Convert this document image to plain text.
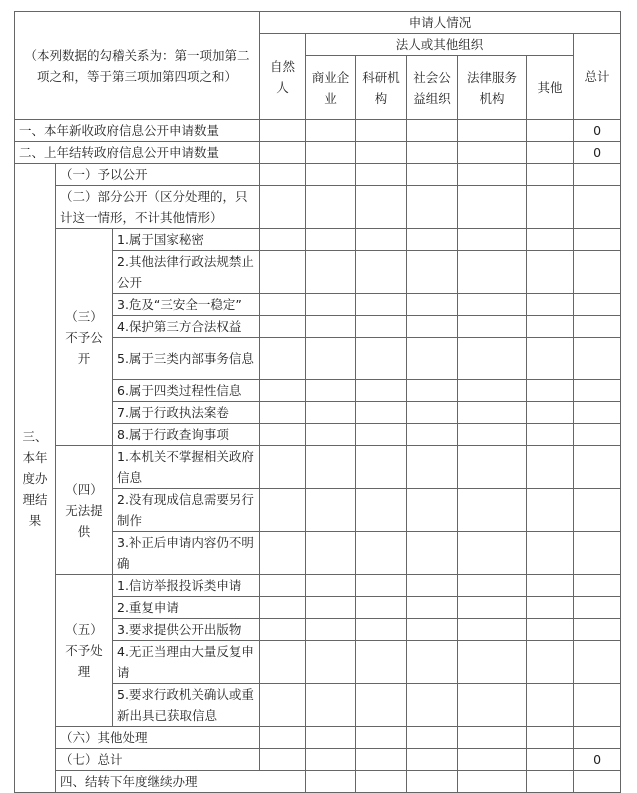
（本列数据的勾稽关系为：第一项加第二项之和，等于第三项加第四项之和）			申请人情况							
			自然人	法人或其他组织					总计	
				商业企业	科研机构	社会公益组织	法律服务机构	其他		

一、本年新收政府信息公开申请数量									0	
二、上年结转政府信息公开申请数量									0	
三、本年度办理结果	（一）予以公开									
	（二）部分公开（区分处理的，只计这一情形，不计其他情形）									
	（三）不予公开	1.属于国家秘密								
		2.其他法律行政法规禁止公开								
		3.危及“三安全一稳定”								
		4.保护第三方合法权益								
		5.属于三类内部事务信息								
		6.属于四类过程性信息								
		7.属于行政执法案卷								
		8.属于行政查询事项								
	（四）无法提供	1.本机关不掌握相关政府信息								
		2.没有现成信息需要另行制作								
		3.补正后申请内容仍不明确								
	（五）不予处理	1.信访举报投诉类申请								
		2.重复申请								
		3.要求提供公开出版物								
		4.无正当理由大量反复申请								
		5.要求行政机关确认或重新出具已获取信息								
	（六）其他处理									
	（七）总计								0	
	四、结转下年度继续办理							
